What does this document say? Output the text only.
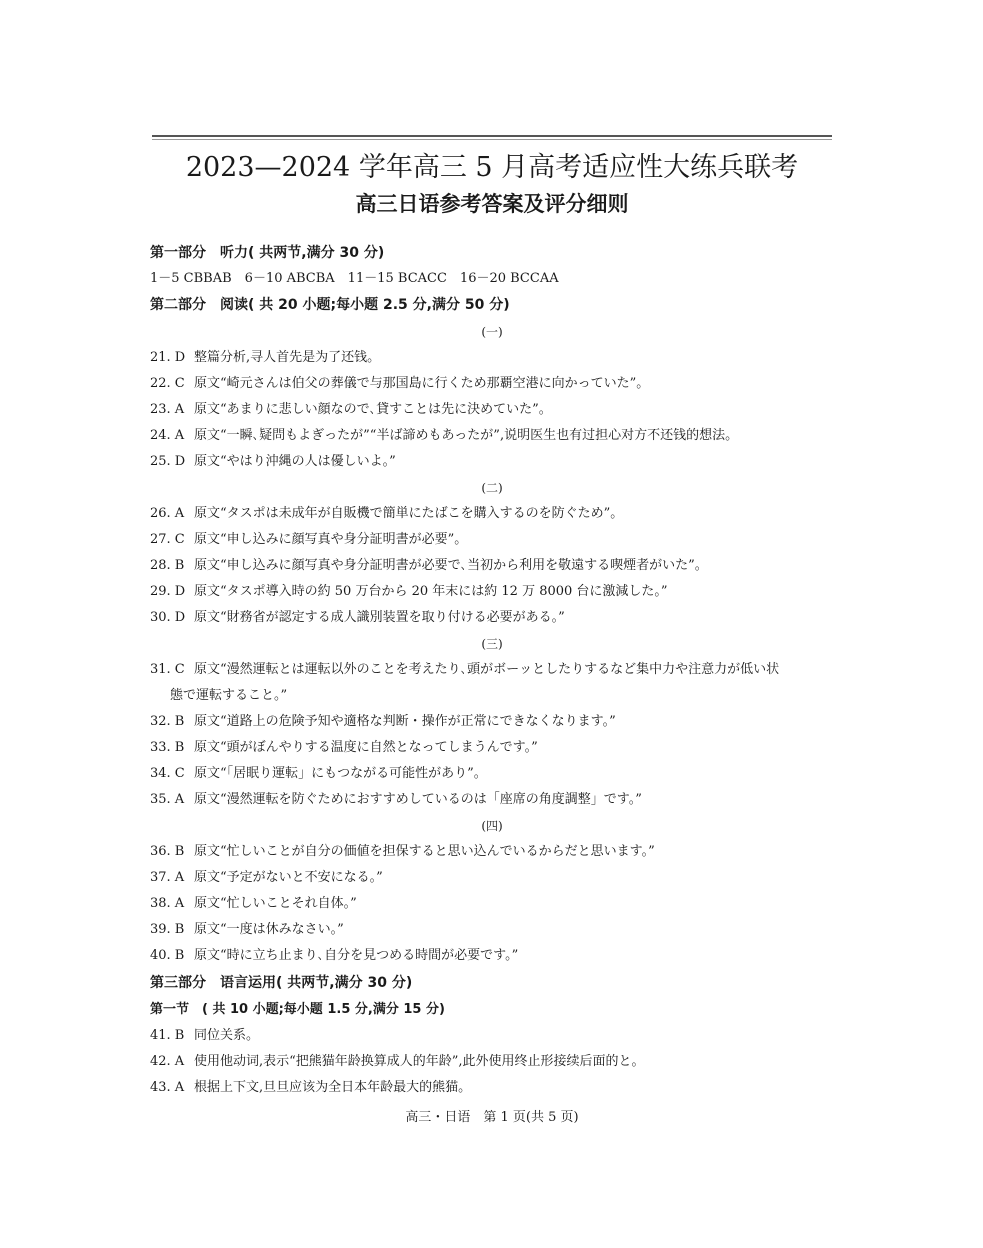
2023—2024 学年高三 5 月高考适应性大练兵联考
高三日语参考答案及评分细则
第一部分　听力( 共两节,满分 30 分)
1－5 CBBAB　6－10 ABCBA　11－15 BCACC　16－20 BCCAA
第二部分　阅读( 共 20 小题;每小题 2.5 分,满分 50 分)
(一)
21. D 整篇分析,寻人首先是为了还钱。
22. C 原文“崎元さんは伯父の葬儀で与那国島に行くため那覇空港に向かっていた”。
23. A 原文“あまりに悲しい顔なので､貸すことは先に決めていた”。
24. A 原文“一瞬､疑問もよぎったが”“半ば諦めもあったが”,说明医生也有过担心对方不还钱的想法。
25. D 原文“やはり沖縄の人は優しいよ。”
(二)
26. A 原文“タスポは未成年が自販機で簡単にたばこを購入するのを防ぐため”。
27. C 原文“申し込みに顔写真や身分証明書が必要”。
28. B 原文“申し込みに顔写真や身分証明書が必要で､当初から利用を敬遠する喫煙者がいた”。
29. D 原文“タスポ導入時の約 50 万台から 20 年末には約 12 万 8000 台に激減した。”
30. D 原文“財務省が認定する成人識別装置を取り付ける必要がある。”
(三)
31. C 原文“漫然運転とは運転以外のことを考えたり､頭がボーッとしたりするなど集中力や注意力が低い状
態で運転すること。”
32. B 原文“道路上の危険予知や適格な判断・操作が正常にできなくなります。”
33. B 原文“頭がぼんやりする温度に自然となってしまうんです。”
34. C 原文“「居眠り運転」にもつながる可能性があり”。
35. A 原文“漫然運転を防ぐためにおすすめしているのは「座席の角度調整」です。”
(四)
36. B 原文“忙しいことが自分の価値を担保すると思い込んでいるからだと思います。”
37. A 原文“予定がないと不安になる。”
38. A 原文“忙しいことそれ自体。”
39. B 原文“一度は休みなさい。”
40. B 原文“時に立ち止まり､自分を見つめる時間が必要です。”
第三部分　语言运用( 共两节,满分 30 分)
第一节　( 共 10 小题;每小题 1.5 分,满分 15 分)
41. B 同位关系。
42. A 使用他动词,表示“把熊猫年龄换算成人的年龄”,此外使用终止形接续后面的と。
43. A 根据上下文,旦旦应该为全日本年龄最大的熊猫。
高三・日语　第 1 页(共 5 页)
